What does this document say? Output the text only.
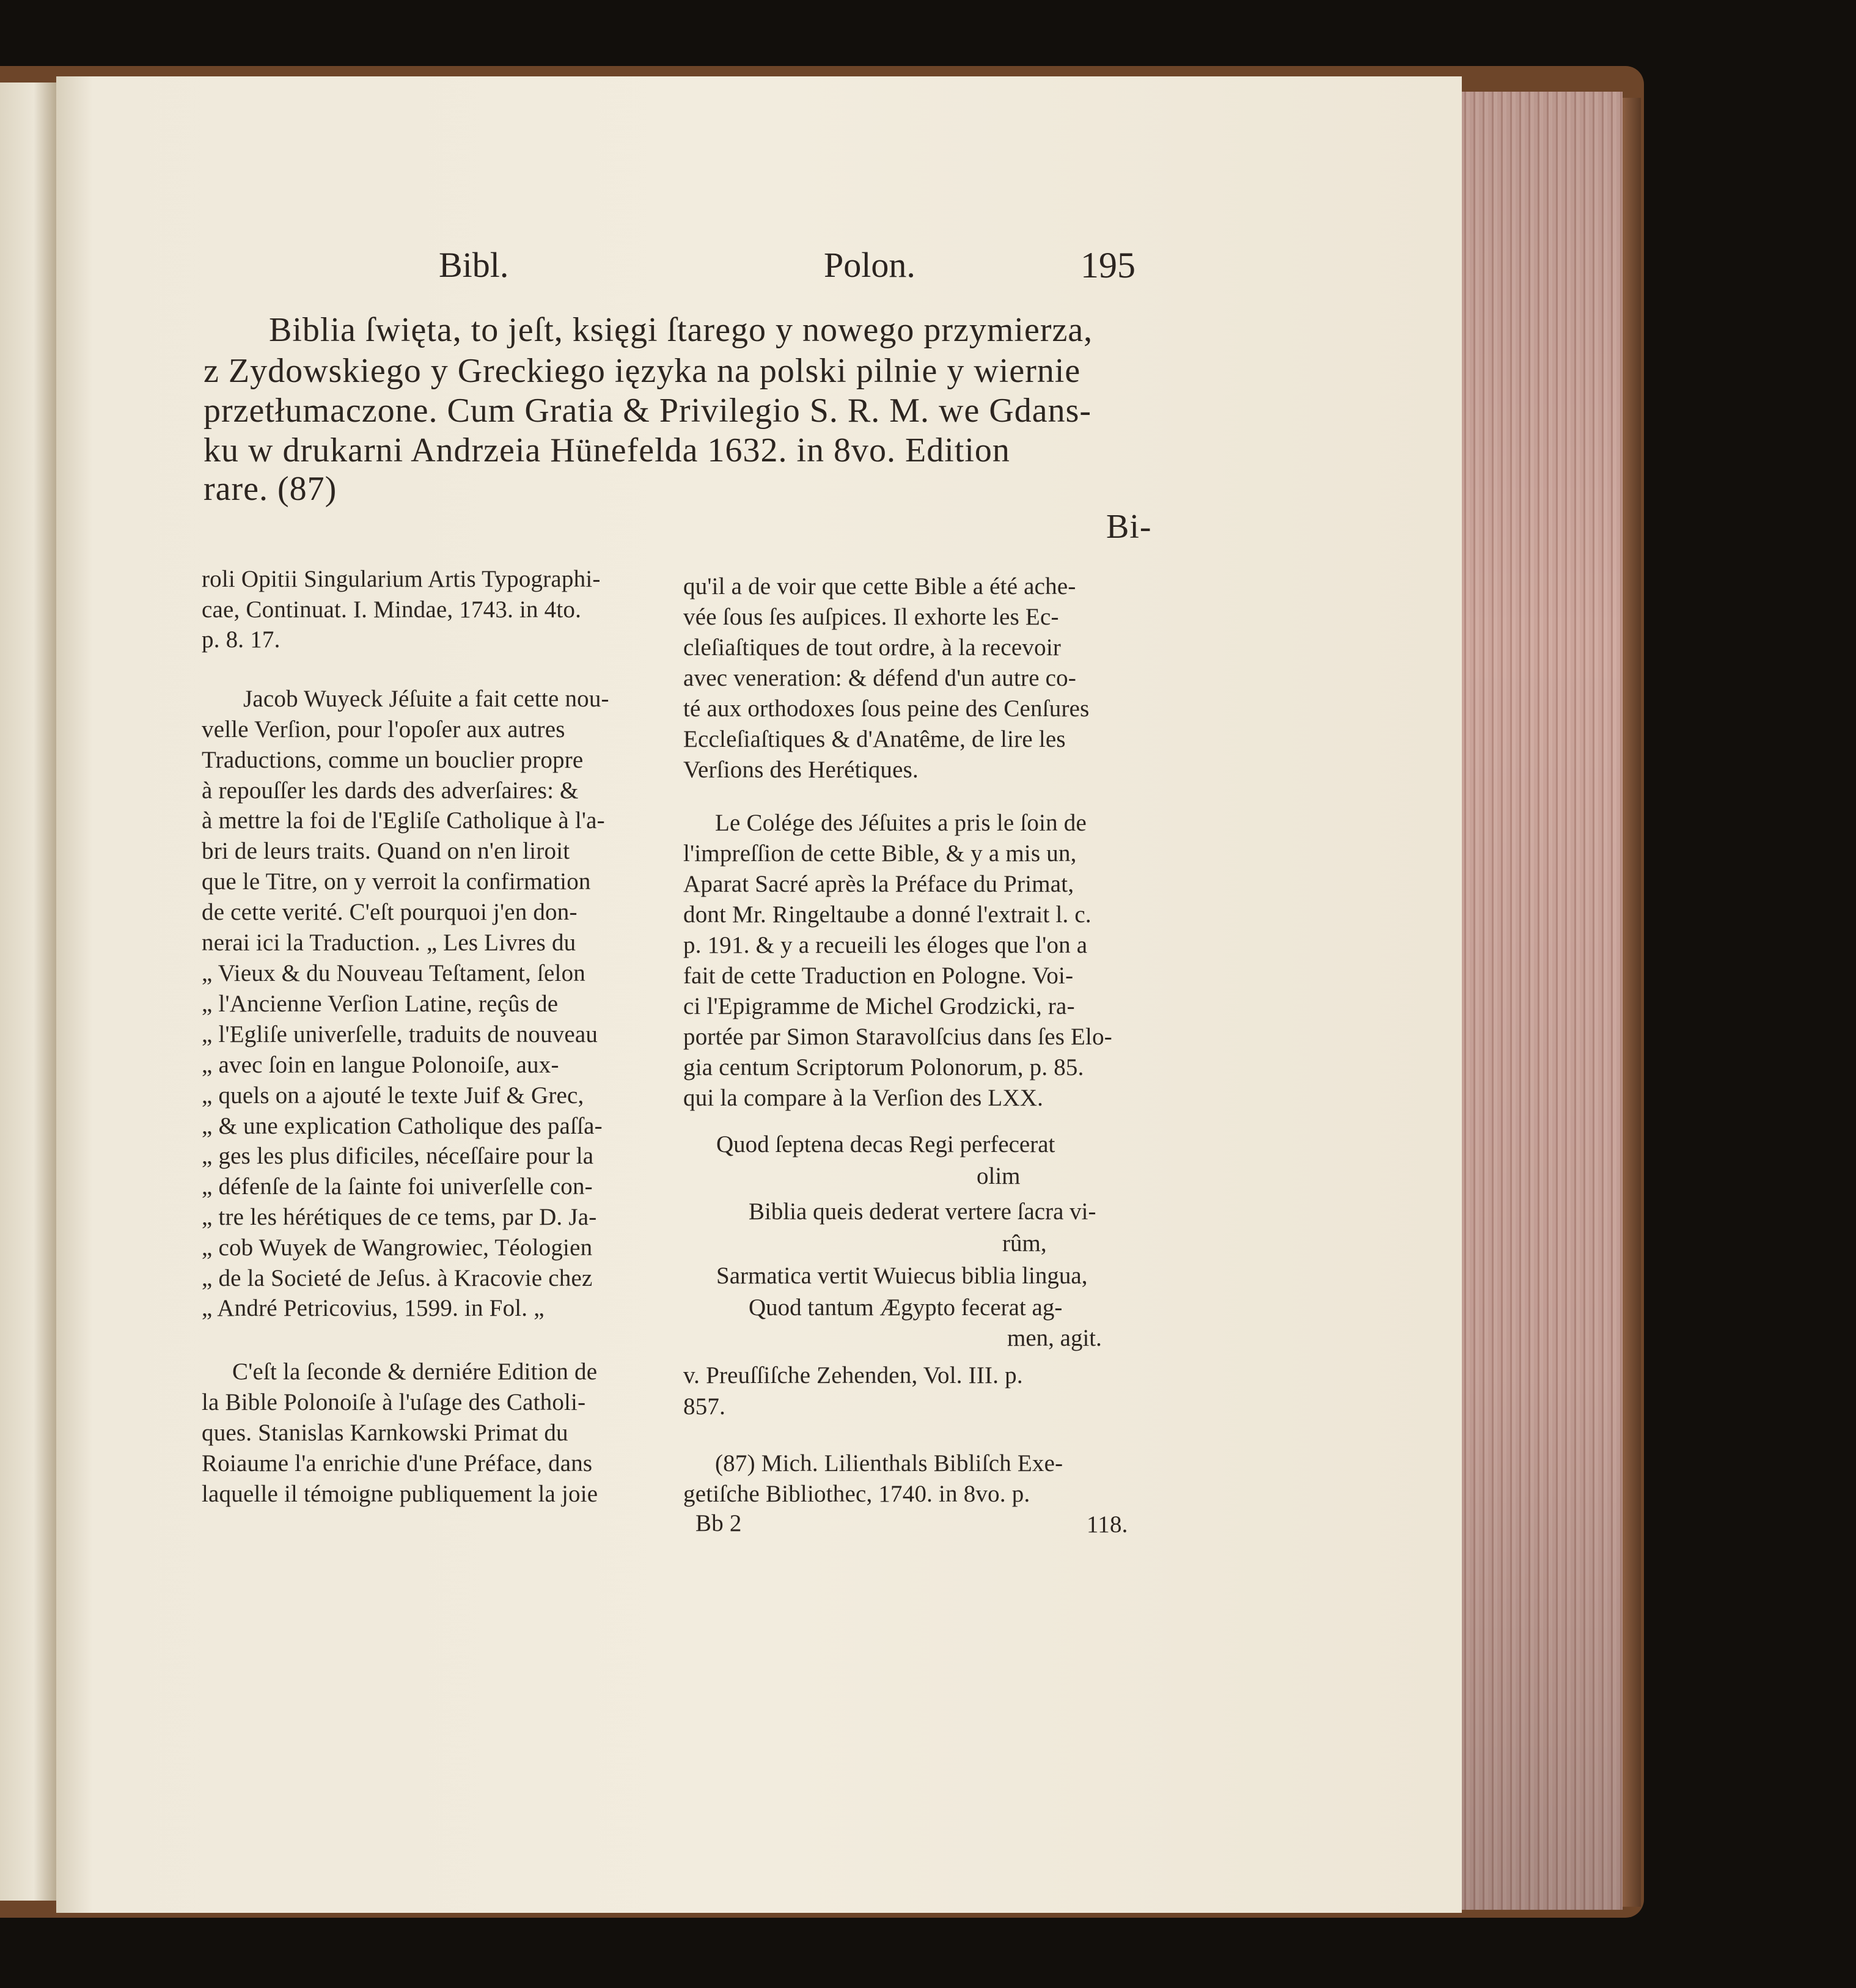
Bibl.	Polon.	195
Biblia ſwięta, to jeſt, księgi ſtarego y nowego przymierza,
z Zydowskiego y Greckiego ięzyka na polski pilnie y wiernie
przetłumaczone. Cum Gratia & Privilegio S. R. M. we Gdans-
ku w drukarni Andrzeia Hünefelda 1632. in 8vo. Edition
rare. (87)
Bi-
roli Opitii Singularium Artis Typographi-
cae, Continuat. I. Mindae, 1743. in 4to.
p. 8. 17.
Jacob Wuyeck Jéſuite a fait cette nou-
velle Verſion, pour l'opoſer aux autres
Traductions, comme un bouclier propre
à repouſſer les dards des adverſaires: &
à mettre la foi de l'Egliſe Catholique à l'a-
bri de leurs traits. Quand on n'en liroit
que le Titre, on y verroit la confirmation
de cette verité. C'eſt pourquoi j'en don-
nerai ici la Traduction. „ Les Livres du
„ Vieux & du Nouveau Teſtament, ſelon
„ l'Ancienne Verſion Latine, reçûs de
„ l'Egliſe univerſelle, traduits de nouveau
„ avec ſoin en langue Polonoiſe, aux-
„ quels on a ajouté le texte Juif & Grec,
„ & une explication Catholique des paſſa-
„ ges les plus dificiles, néceſſaire pour la
„ défenſe de la ſainte foi univerſelle con-
„ tre les hérétiques de ce tems, par D. Ja-
„ cob Wuyek de Wangrowiec, Téologien
„ de la Societé de Jeſus. à Kracovie chez
„ André Petricovius, 1599. in Fol. „
C'eſt la ſeconde & derniére Edition de
la Bible Polonoiſe à l'uſage des Catholi-
ques. Stanislas Karnkowski Primat du
Roiaume l'a enrichie d'une Préface, dans
laquelle il témoigne publiquement la joie
qu'il a de voir que cette Bible a été ache-
vée ſous ſes auſpices. Il exhorte les Ec-
cleſiaſtiques de tout ordre, à la recevoir
avec veneration: & défend d'un autre co-
té aux orthodoxes ſous peine des Cenſures
Eccleſiaſtiques & d'Anatême, de lire les
Verſions des Herétiques.
Le Colége des Jéſuites a pris le ſoin de
l'impreſſion de cette Bible, & y a mis un,
Aparat Sacré après la Préface du Primat,
dont Mr. Ringeltaube a donné l'extrait l. c.
p. 191. & y a recueili les éloges que l'on a
fait de cette Traduction en Pologne. Voi-
ci l'Epigramme de Michel Grodzicki, ra-
portée par Simon Staravolſcius dans ſes Elo-
gia centum Scriptorum Polonorum, p. 85.
qui la compare à la Verſion des LXX.
Quod ſeptena decas Regi perfecerat
olim
Biblia queis dederat vertere ſacra vi-
rûm,
Sarmatica vertit Wuiecus biblia lingua,
Quod tantum Ægypto fecerat ag-
men, agit.
v. Preuſſiſche Zehenden, Vol. III. p.
857.
(87) Mich. Lilienthals Bibliſch Exe-
getiſche Bibliothec, 1740. in 8vo. p.
118.
Bb 2
